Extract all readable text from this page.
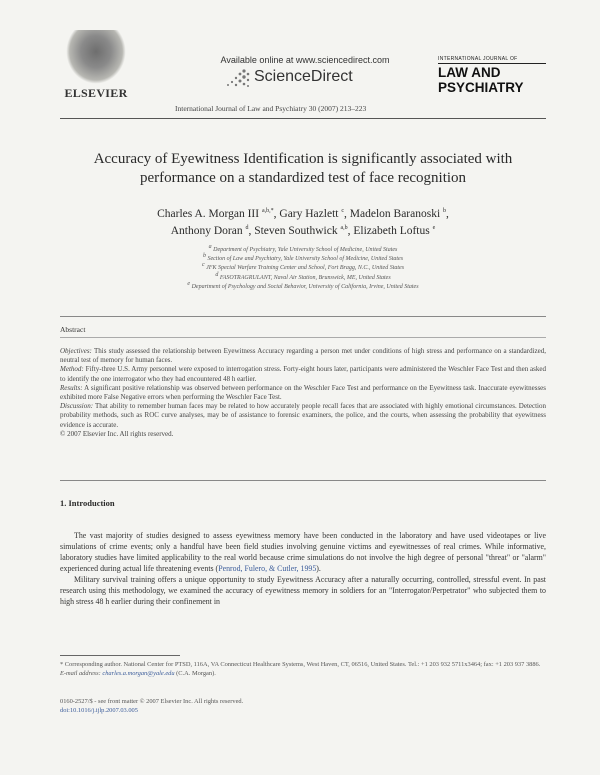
ELSEVIER
Available online at www.sciencedirect.com
ScienceDirect
International Journal of Law and Psychiatry 30 (2007) 213–223
INTERNATIONAL JOURNAL OF
LAW AND
PSYCHIATRY
Accuracy of Eyewitness Identification is significantly associated with performance on a standardized test of face recognition
Charles A. Morgan III $^{a,b,*}$, Gary Hazlett $^c$, Madelon Baranoski $^b$,
Anthony Doran $^d$, Steven Southwick $^{a,b}$, Elizabeth Loftus $^e$
$^a$ Department of Psychiatry, Yale University School of Medicine, United States
$^b$ Section of Law and Psychiatry, Yale University School of Medicine, United States
$^c$ JFK Special Warfare Training Center and School, Fort Bragg, N.C., United States
$^d$ FASOTRAGRULANT, Naval Air Station, Brunswick, ME, United States
$^e$ Department of Psychology and Social Behavior, University of California, Irvine, United States
Abstract

Objectives: This study assessed the relationship between Eyewitness Accuracy regarding a person met under conditions of high stress and performance on a standardized, neutral test of memory for human faces.

Method: Fifty-three U.S. Army personnel were exposed to interrogation stress. Forty-eight hours later, participants were administered the Weschler Face Test and then asked to identify the one interrogator who they had encountered 48 h earlier.

Results: A significant positive relationship was observed between performance on the Weschler Face Test and performance on the Eyewitness task. Inaccurate eyewitnesses exhibited more False Negative errors when performing the Weschler Face Test.

Discussion: That ability to remember human faces may be related to how accurately people recall faces that are associated with highly emotional circumstances. Detection probability methods, such as ROC curve analyses, may be of assistance to forensic examiners, the police, and the courts, when assessing the probability that eyewitness evidence is accurate.

© 2007 Elsevier Inc. All rights reserved.

1. Introduction

The vast majority of studies designed to assess eyewitness memory have been conducted in the laboratory and have used videotapes or live simulations of crime events; only a handful have been field studies involving genuine victims and eyewitnesses of real crimes. While informative, laboratory studies have limited applicability to the real world because crime simulations do not involve the high degree of personal "threat" or "alarm" experienced during actual life threatening events (Penrod, Fulero, & Cutler, 1995).

Military survival training offers a unique opportunity to study Eyewitness Accuracy after a naturally occurring, controlled, stressful event. In past research using this methodology, we examined the accuracy of eyewitness memory in soldiers for an "Interrogator/Perpetrator" who subjected them to high stress 48 h earlier during their confinement in

* Corresponding author. National Center for PTSD, 116A, VA Connecticut Healthcare Systems, West Haven, CT, 06516, United States. Tel.: +1 203 932 5711x3464; fax: +1 203 937 3886.

E-mail address: charles.a.morgan@yale.edu (C.A. Morgan).

0160-2527/$ - see front matter © 2007 Elsevier Inc. All rights reserved.
doi:10.1016/j.ijlp.2007.03.005
